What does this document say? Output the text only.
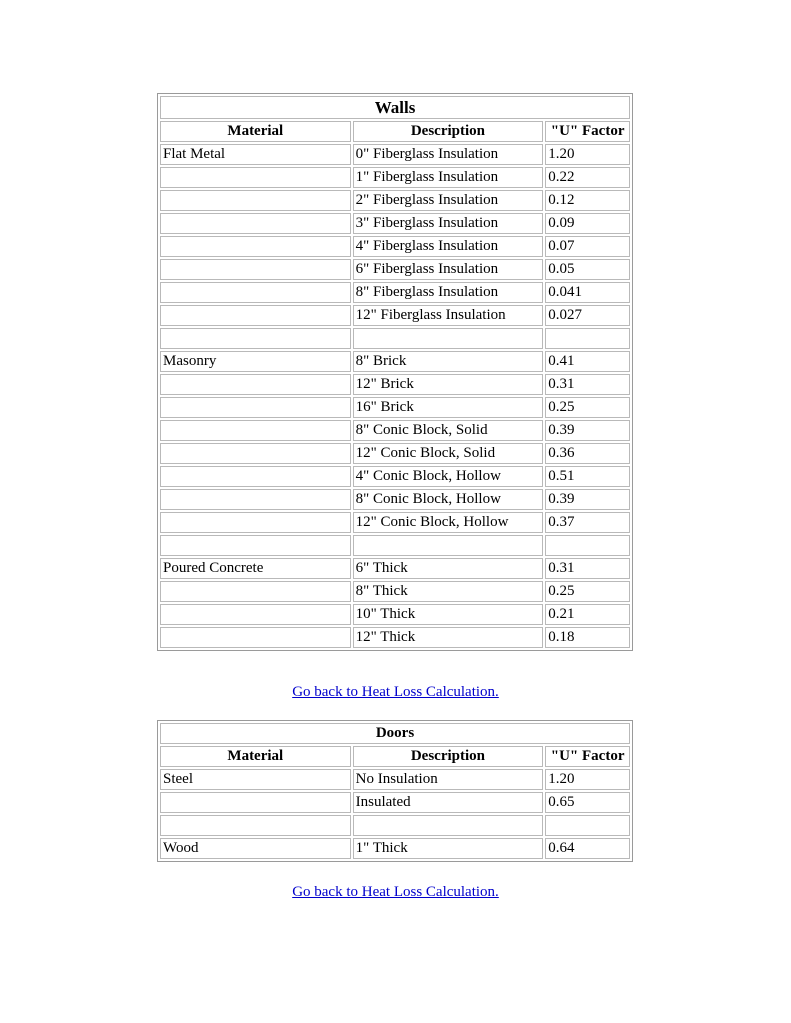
Walls		
Material	Description	"U" Factor
Flat Metal	0" Fiberglass Insulation	1.20
	1" Fiberglass Insulation	0.22
	2" Fiberglass Insulation	0.12
	3" Fiberglass Insulation	0.09
	4" Fiberglass Insulation	0.07
	6" Fiberglass Insulation	0.05
	8" Fiberglass Insulation	0.041
	12" Fiberglass Insulation	0.027

Masonry	8" Brick	0.41
	12" Brick	0.31
	16" Brick	0.25
	8" Conic Block, Solid	0.39
	12" Conic Block, Solid	0.36
	4" Conic Block, Hollow	0.51
	8" Conic Block, Hollow	0.39
	12" Conic Block, Hollow	0.37

Poured Concrete	6" Thick	0.31
	8" Thick	0.25
	10" Thick	0.21
	12" Thick	0.18
Go back to Heat Loss Calculation.
Doors		
Material	Description	"U" Factor
Steel	No Insulation	1.20
	Insulated	0.65

Wood	1" Thick	0.64
Go back to Heat Loss Calculation.
